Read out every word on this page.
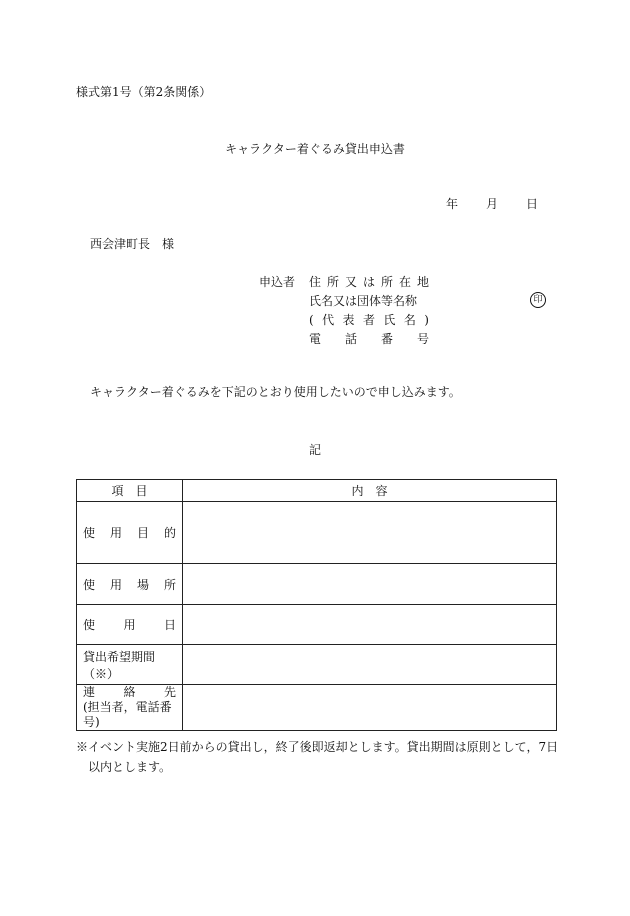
様式第1号（第2条関係）
キャラクター着ぐるみ貸出申込書
年 月 日
西会津町長　様
申込者 住所又は所在地
氏名又は団体等名称
(代表者氏名)
電話番号
印
キャラクター着ぐるみを下記のとおり使用したいので申し込みます。
記
項　目	内　容

使用目的	

使用場所	

使用日	

貸出希望期間（※）	

連絡先
(担当者，電話番号)	

※イベント実施2日前からの貸出し，終了後即返却とします。貸出期間は原則として，7日
以内とします。
